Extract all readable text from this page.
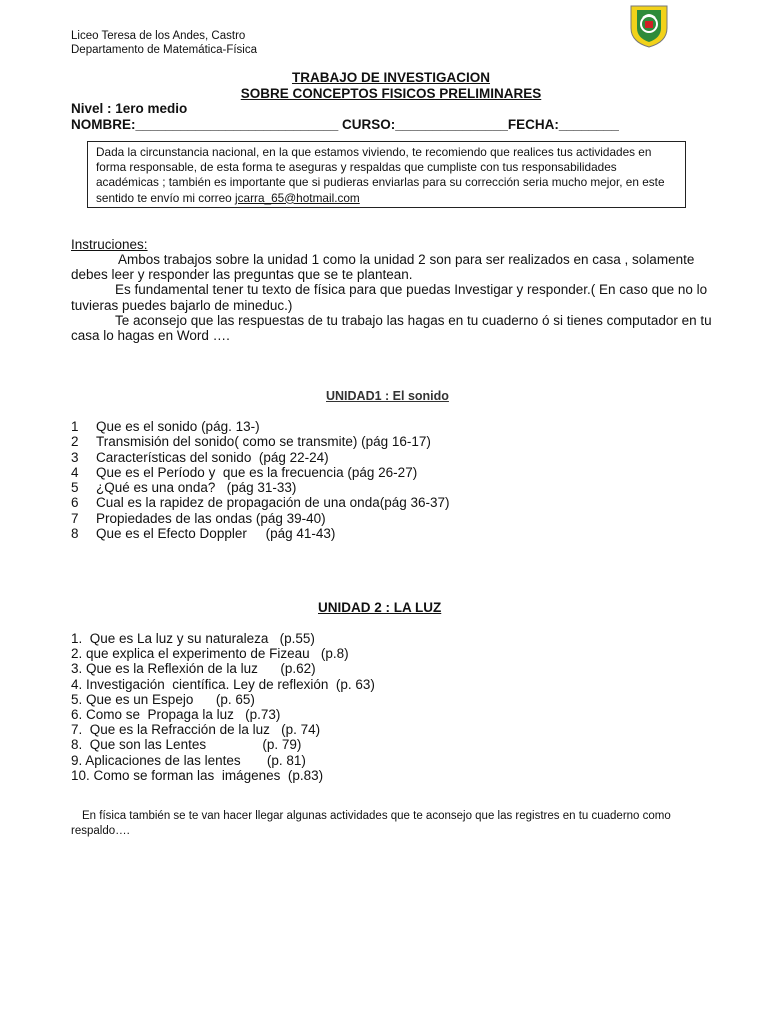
Liceo Teresa de los Andes, Castro
Departamento de Matemática-Física
TRABAJO DE INVESTIGACION
SOBRE CONCEPTOS FISICOS PRELIMINARES
Nivel : 1ero medio
NOMBRE:___________________________ CURSO:_______________FECHA:________
Dada la circunstancia nacional, en la que estamos viviendo, te recomiendo que realices tus actividades en forma responsable, de esta forma te aseguras y respaldas que cumpliste con tus responsabilidades académicas ; también es importante que si pudieras enviarlas para su corrección seria mucho mejor, en este sentido te envío mi correo jcarra_65@hotmail.com
Instruciones:

Ambos trabajos sobre la unidad 1 como la unidad 2 son para ser realizados en casa , solamente debes leer y responder las preguntas que se te plantean.

Es fundamental tener tu texto de física para que puedas Investigar y responder.( En caso que no lo tuvieras puedes bajarlo de mineduc.)

Te aconsejo que las respuestas de tu trabajo las hagas en tu cuaderno ó si tienes computador en tu casa lo hagas en Word ….

UNIDAD1 : El sonido
1 Que es el sonido (pág. 13-)
2 Transmisión del sonido( como se transmite) (pág 16-17)
3 Características del sonido  (pág 22-24)
4 Que es el Período y  que es la frecuencia (pág 26-27)
5 ¿Qué es una onda?   (pág 31-33)
6 Cual es la rapidez de propagación de una onda(pág 36-37)
7 Propiedades de las ondas (pág 39-40)
8 Que es el Efecto Doppler     (pág 41-43)
UNIDAD 2 : LA LUZ
1.  Que es La luz y su naturaleza   (p.55)
2. que explica el experimento de Fizeau   (p.8)
3. Que es la Reflexión de la luz      (p.62)
4. Investigación  científica. Ley de reflexión  (p. 63)
5. Que es un Espejo      (p. 65)
6. Como se  Propaga la luz   (p.73)
7.  Que es la Refracción de la luz   (p. 74)
8.  Que son las Lentes               (p. 79)
9. Aplicaciones de las lentes       (p. 81)
10. Como se forman las  imágenes  (p.83)
En física también se te van hacer llegar algunas actividades que te aconsejo que las registres en tu cuaderno como respaldo….
